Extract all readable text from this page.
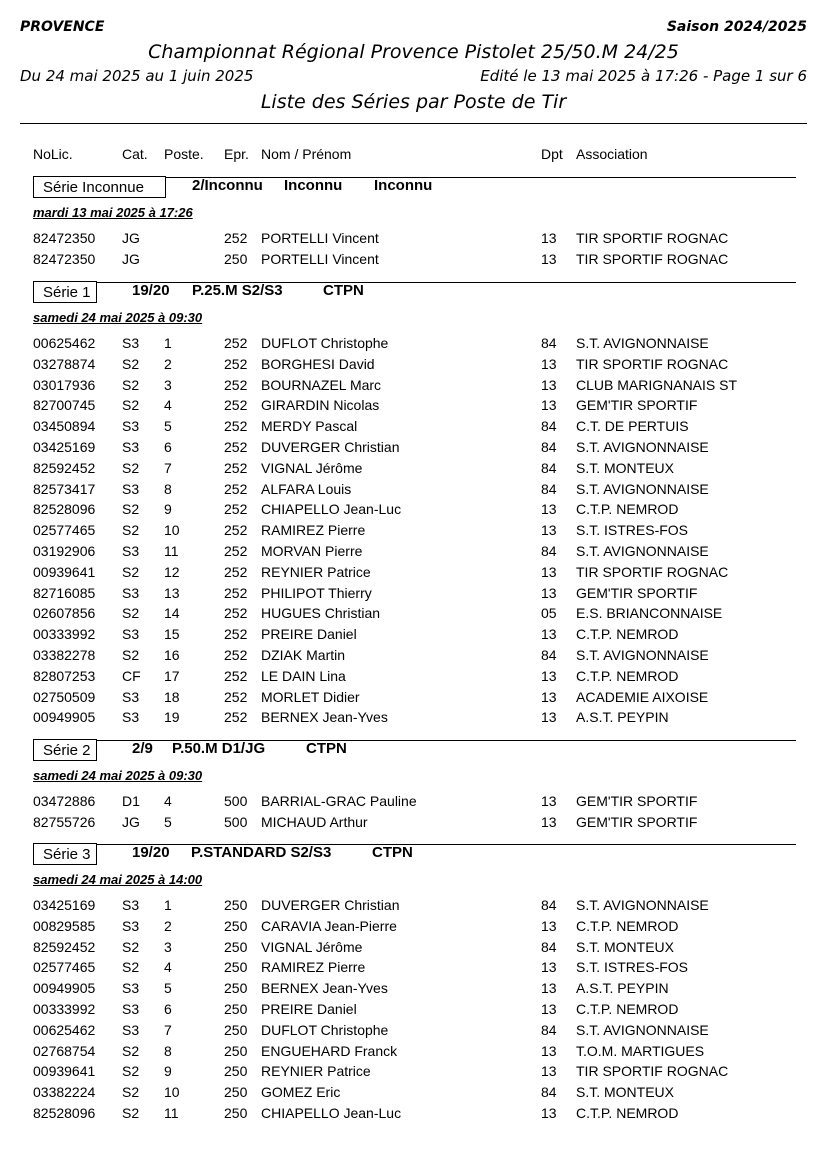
PROVENCE	Saison 2024/2025
Championnat Régional Provence Pistolet 25/50.M 24/25
Du 24 mai 2025 au 1 juin 2025	Edité le 13 mai 2025 à 17:26 - Page 1 sur 6
Liste des Séries par Poste de Tir
NoLic.	Cat. Poste. Epr. Nom / Prénom	Dpt Association
Série Inconnue	2/Inconnu Inconnu Inconnu
mardi 13 mai 2025 à 17:26
82472350 JG	252 PORTELLI Vincent	13 TIR SPORTIF ROGNAC
82472350 JG	250 PORTELLI Vincent	13 TIR SPORTIF ROGNAC
Série 1	19/20 P.25.M S2/S3	CTPN
samedi 24 mai 2025 à 09:30
00625462 S3 1	252 DUFLOT Christophe	84 S.T. AVIGNONNAISE
03278874 S2 2	252 BORGHESI David	13 TIR SPORTIF ROGNAC
03017936 S2 3	252 BOURNAZEL Marc	13 CLUB MARIGNANAIS ST
82700745 S2 4	252 GIRARDIN Nicolas	13 GEM'TIR SPORTIF
03450894 S3 5	252 MERDY Pascal	84 C.T. DE PERTUIS
03425169 S3 6	252 DUVERGER Christian	84 S.T. AVIGNONNAISE
82592452 S2 7	252 VIGNAL Jérôme	84 S.T. MONTEUX
82573417 S3 8	252 ALFARA Louis	84 S.T. AVIGNONNAISE
82528096 S2 9	252 CHIAPELLO Jean-Luc	13 C.T.P. NEMROD
02577465 S2 10	252 RAMIREZ Pierre	13 S.T. ISTRES-FOS
03192906 S3 11	252 MORVAN Pierre	84 S.T. AVIGNONNAISE
00939641 S2 12	252 REYNIER Patrice	13 TIR SPORTIF ROGNAC
82716085 S3 13	252 PHILIPOT Thierry	13 GEM'TIR SPORTIF
02607856 S2 14	252 HUGUES Christian	05 E.S. BRIANCONNAISE
00333992 S3 15	252 PREIRE Daniel	13 C.T.P. NEMROD
03382278 S2 16	252 DZIAK Martin	84 S.T. AVIGNONNAISE
82807253 CF 17	252 LE DAIN Lina	13 C.T.P. NEMROD
02750509 S3 18	252 MORLET Didier	13 ACADEMIE AIXOISE
00949905 S3 19	252 BERNEX Jean-Yves	13 A.S.T. PEYPIN
Série 2	2/9 P.50.M D1/JG	CTPN
samedi 24 mai 2025 à 09:30
03472886 D1 4	500 BARRIAL-GRAC Pauline	13 GEM'TIR SPORTIF
82755726 JG 5	500 MICHAUD Arthur	13 GEM'TIR SPORTIF
Série 3	19/20 P.STANDARD S2/S3	CTPN
samedi 24 mai 2025 à 14:00
03425169 S3 1	250 DUVERGER Christian	84 S.T. AVIGNONNAISE
00829585 S3 2	250 CARAVIA Jean-Pierre	13 C.T.P. NEMROD
82592452 S2 3	250 VIGNAL Jérôme	84 S.T. MONTEUX
02577465 S2 4	250 RAMIREZ Pierre	13 S.T. ISTRES-FOS
00949905 S3 5	250 BERNEX Jean-Yves	13 A.S.T. PEYPIN
00333992 S3 6	250 PREIRE Daniel	13 C.T.P. NEMROD
00625462 S3 7	250 DUFLOT Christophe	84 S.T. AVIGNONNAISE
02768754 S2 8	250 ENGUEHARD Franck	13 T.O.M. MARTIGUES
00939641 S2 9	250 REYNIER Patrice	13 TIR SPORTIF ROGNAC
03382224 S2 10	250 GOMEZ Eric	84 S.T. MONTEUX
82528096 S2 11	250 CHIAPELLO Jean-Luc	13 C.T.P. NEMROD
